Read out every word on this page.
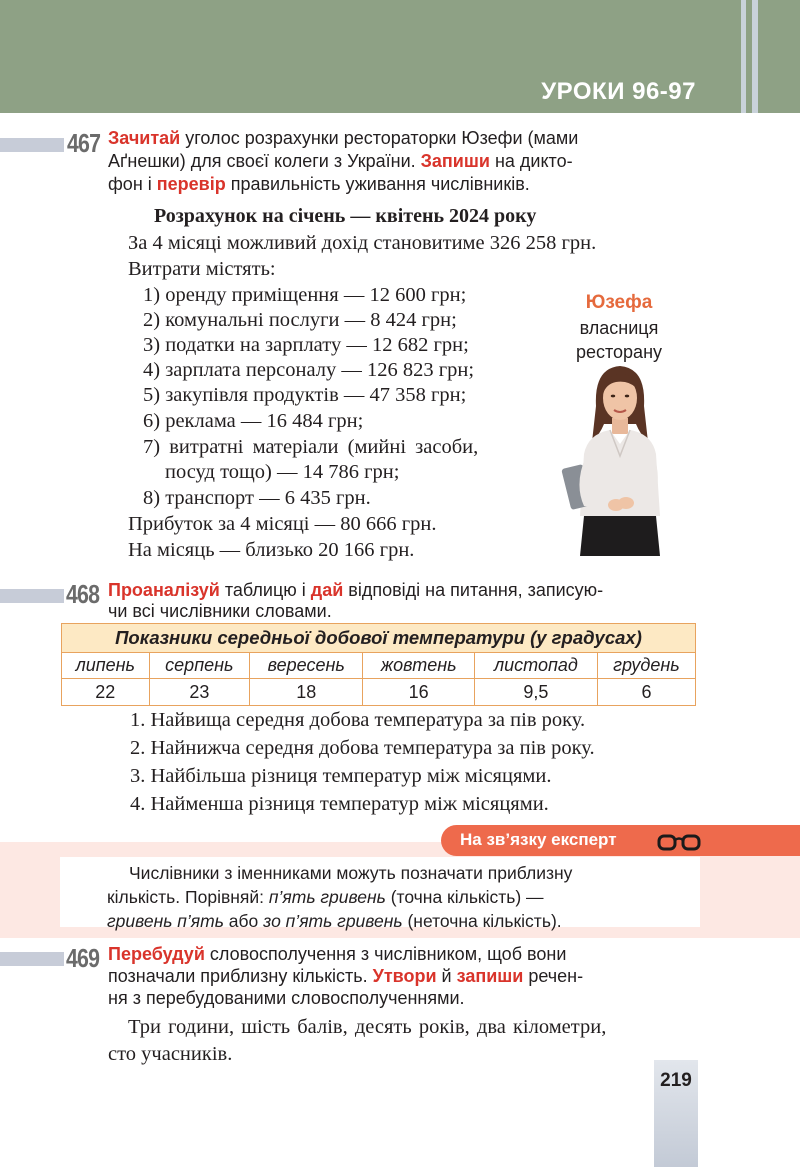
УРОКИ 96-97
467 Зачитай уголос розрахунки рестораторки Юзефи (мами
Аґнешки) для своєї колеги з України. Запиши на дикто-
фон і перевір правильність уживання числівників.
Розрахунок на січень — квітень 2024 року
За 4 місяці можливий дохід становитиме 326 258 грн.
Витрати містять:
1) оренду приміщення — 12 600 грн;
2) комунальні послуги — 8 424 грн;
3) податки на зарплату — 12 682 грн;
4) зарплата персоналу — 126 823 грн;
5) закупівля продуктів — 47 358 грн;
6) реклама — 16 484 грн;
7) витратні матеріали (мийні засоби,
посуд тощо) — 14 786 грн;
8) транспорт — 6 435 грн.
Прибуток за 4 місяці — 80 666 грн.
На місяць — близько 20 166 грн.
Юзефа
власниця
ресторану
468 Проаналізуй таблицю і дай відповіді на питання, записую-
чи всі числівники словами.
Показники середньої добової температури (у градусах)					
липень	серпень	вересень	жовтень	листопад	грудень
22	23	18	16	9,5	6
1. Найвища середня добова температура за пів року.
2. Найнижча середня добова температура за пів року.
3. Найбільша різниця температур між місяцями.
4. Найменша різниця температур між місяцями.
На зв’язку експерт
Числівники з іменниками можуть позначати приблизну
кількість. Порівняй: п’ять гривень (точна кількість) —
гривень п’ять або зо п’ять гривень (неточна кількість).
469 Перебудуй словосполучення з числівником, щоб вони
позначали приблизну кількість. Утвори й запиши речен-
ня з перебудованими словосполученнями.
Три години, шість балів, десять років, два кілометри,
сто учасників.
219
